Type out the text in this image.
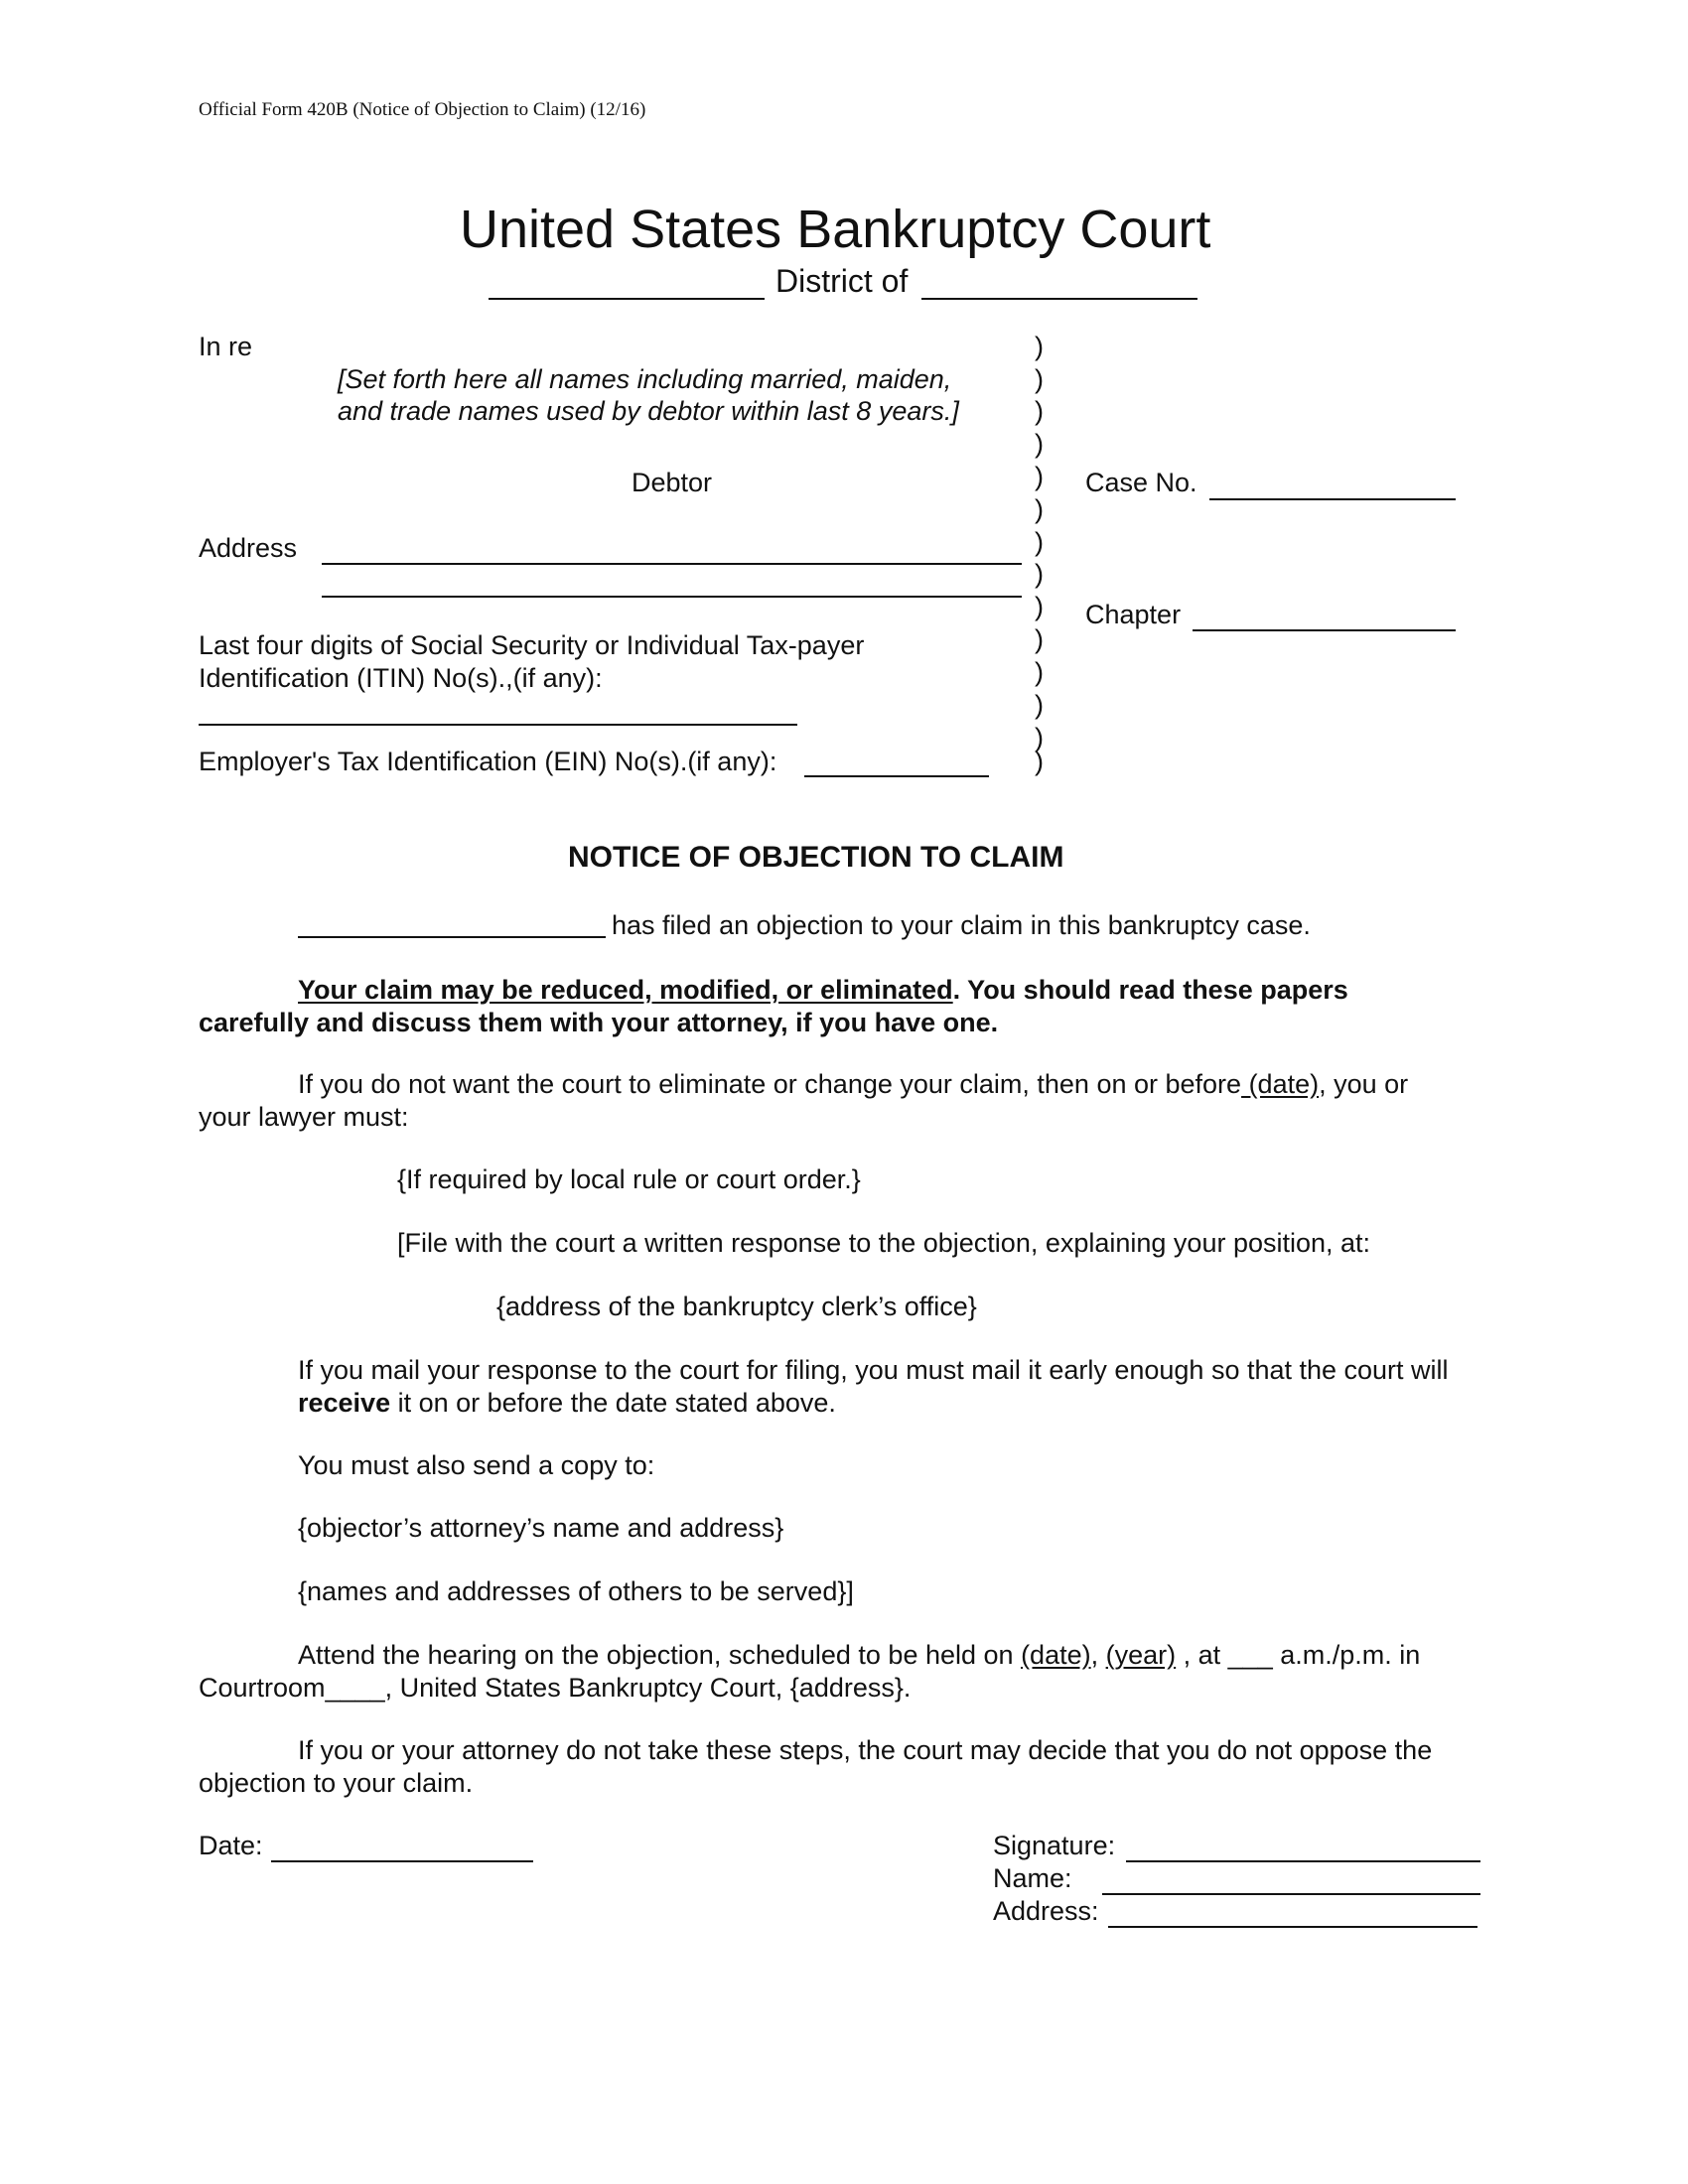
Official Form 420B (Notice of Objection to Claim) (12/16)
United States Bankruptcy Court
District of
In re
[Set forth here all names including married, maiden,
and trade names used by debtor within last 8 years.]
Debtor
Address
Last four digits of Social Security or Individual Tax-payer
Identification (ITIN) No(s).,(if any):
Employer's Tax Identification (EIN) No(s).(if any):
)
)
)
)
)
)
)
)
)
)
)
)
)
)
Case No.
Chapter
NOTICE OF OBJECTION TO CLAIM
has filed an objection to your claim in this bankruptcy case.
Your claim may be reduced, modified, or eliminated. You should read these papers
carefully and discuss them with your attorney, if you have one.
If you do not want the court to eliminate or change your claim, then on or before (date), you or
your lawyer must:
{If required by local rule or court order.}
[File with the court a written response to the objection, explaining your position, at:
{address of the bankruptcy clerk’s office}
If you mail your response to the court for filing, you must mail it early enough so that the court will
receive it on or before the date stated above.
You must also send a copy to:
{objector’s attorney’s name and address}
{names and addresses of others to be served}]
Attend the hearing on the objection, scheduled to be held on (date), (year) , at ___ a.m./p.m. in
Courtroom____, United States Bankruptcy Court, {address}.
If you or your attorney do not take these steps, the court may decide that you do not oppose the
objection to your claim.
Date:	Signature:
Name:
Address:
